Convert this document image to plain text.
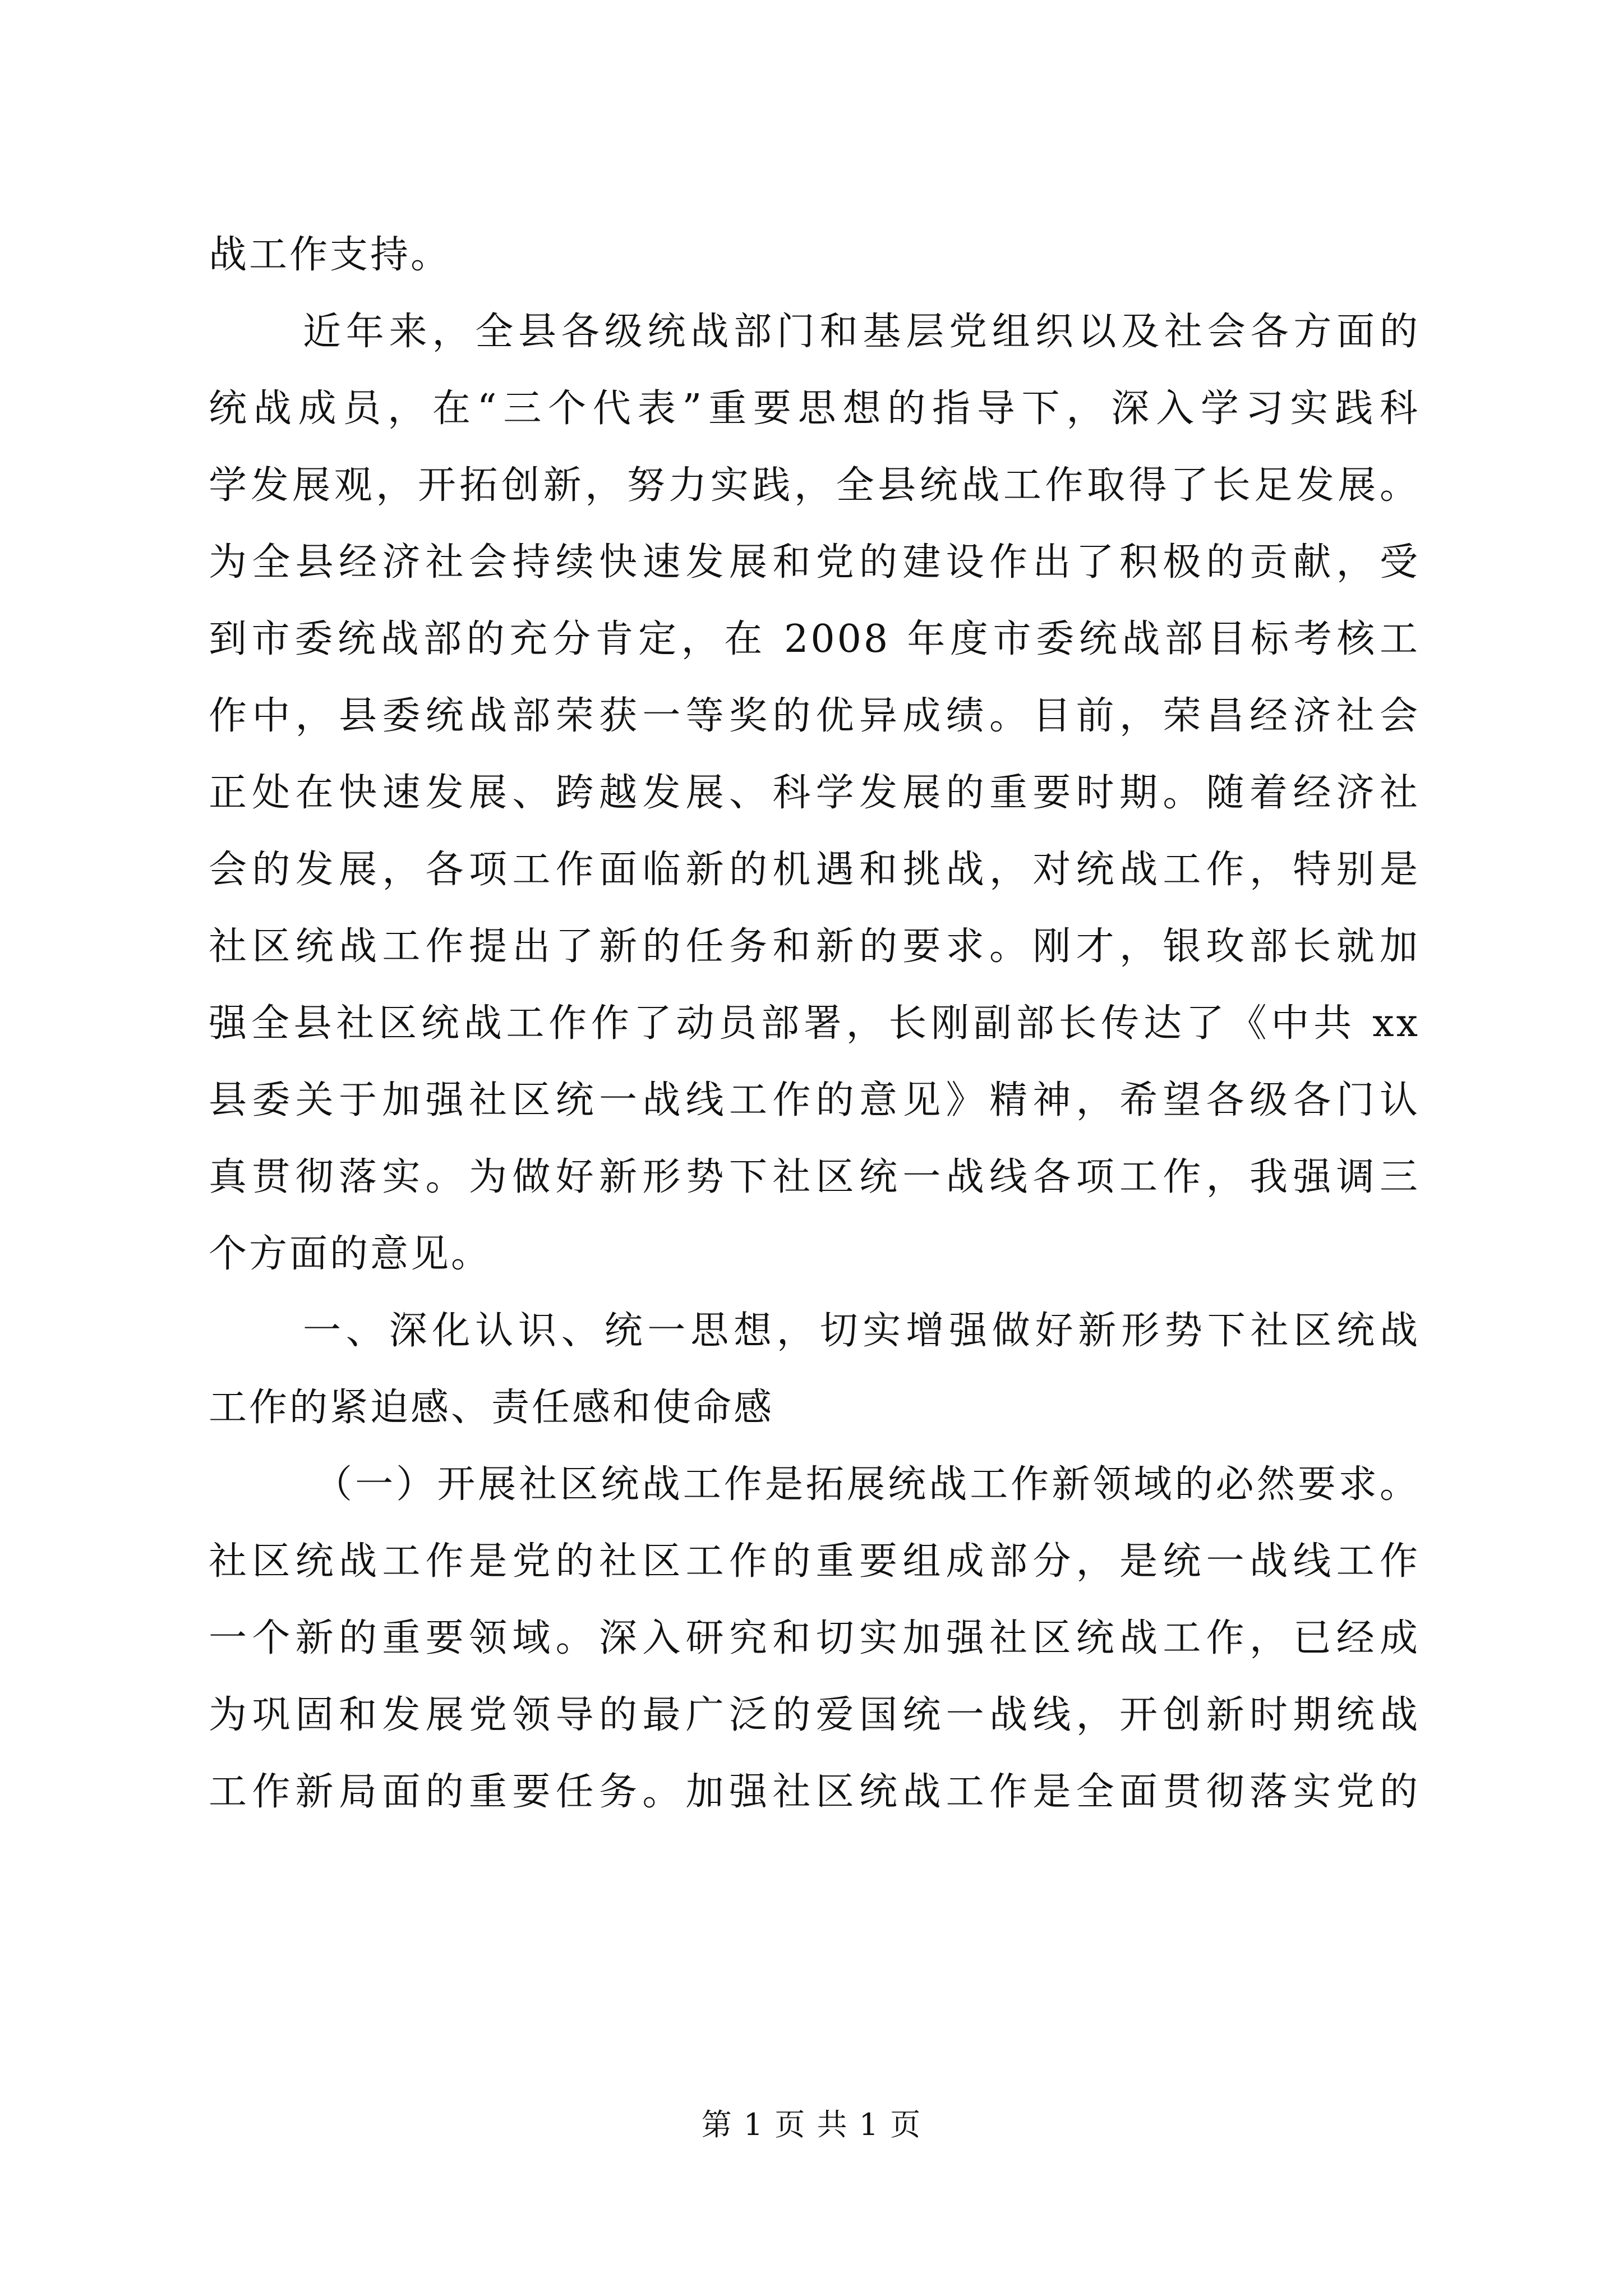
战工作支持。
近年来，全县各级统战部门和基层党组织以及社会各方面的
统战成员，在“三个代表”重要思想的指导下，深入学习实践科
学发展观，开拓创新，努力实践，全县统战工作取得了长足发展。
为全县经济社会持续快速发展和党的建设作出了积极的贡献，受
到市委统战部的充分肯定，在 2008 年度市委统战部目标考核工
作中，县委统战部荣获一等奖的优异成绩。目前，荣昌经济社会
正处在快速发展、跨越发展、科学发展的重要时期。随着经济社
会的发展，各项工作面临新的机遇和挑战，对统战工作，特别是
社区统战工作提出了新的任务和新的要求。刚才，银玫部长就加
强全县社区统战工作作了动员部署，长刚副部长传达了《中共 xx
县委关于加强社区统一战线工作的意见》精神，希望各级各门认
真贯彻落实。为做好新形势下社区统一战线各项工作，我强调三
个方面的意见。
一、深化认识、统一思想，切实增强做好新形势下社区统战
工作的紧迫感、责任感和使命感
（一）开展社区统战工作是拓展统战工作新领域的必然要求。
社区统战工作是党的社区工作的重要组成部分，是统一战线工作
一个新的重要领域。深入研究和切实加强社区统战工作，已经成
为巩固和发展党领导的最广泛的爱国统一战线，开创新时期统战
工作新局面的重要任务。加强社区统战工作是全面贯彻落实党的
第 1 页 共 1 页
